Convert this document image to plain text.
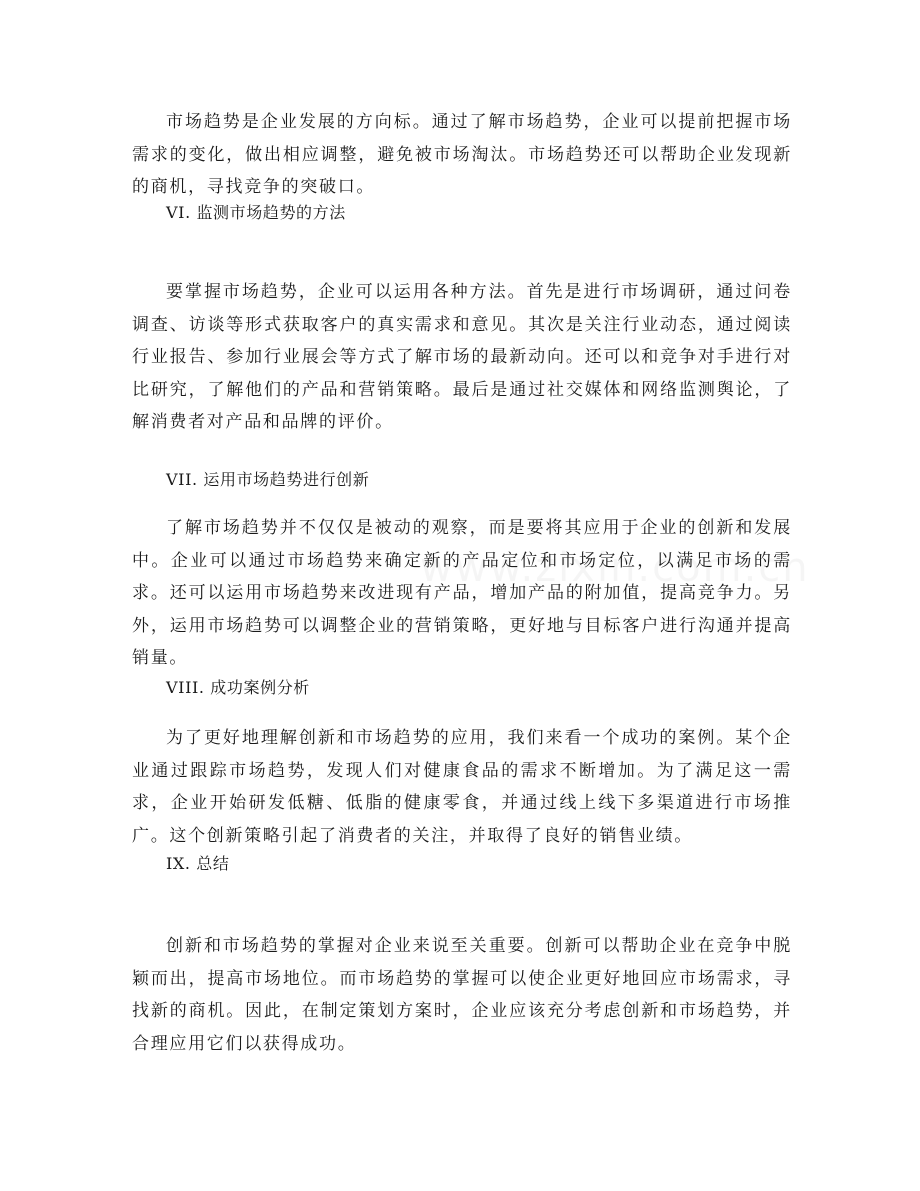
市场趋势是企业发展的方向标。通过了解市场趋势，企业可以提前把握市场需求的变化，做出相应调整，避免被市场淘汰。市场趋势还可以帮助企业发现新的商机，寻找竞争的突破口。

VI. 监测市场趋势的方法

要掌握市场趋势，企业可以运用各种方法。首先是进行市场调研，通过问卷调查、访谈等形式获取客户的真实需求和意见。其次是关注行业动态，通过阅读行业报告、参加行业展会等方式了解市场的最新动向。还可以和竞争对手进行对比研究，了解他们的产品和营销策略。最后是通过社交媒体和网络监测舆论，了解消费者对产品和品牌的评价。

VII. 运用市场趋势进行创新

了解市场趋势并不仅仅是被动的观察，而是要将其应用于企业的创新和发展中。企业可以通过市场趋势来确定新的产品定位和市场定位，以满足市场的需求。还可以运用市场趋势来改进现有产品，增加产品的附加值，提高竞争力。另外，运用市场趋势可以调整企业的营销策略，更好地与目标客户进行沟通并提高销量。

VIII. 成功案例分析

为了更好地理解创新和市场趋势的应用，我们来看一个成功的案例。某个企业通过跟踪市场趋势，发现人们对健康食品的需求不断增加。为了满足这一需求，企业开始研发低糖、低脂的健康零食，并通过线上线下多渠道进行市场推广。这个创新策略引起了消费者的关注，并取得了良好的销售业绩。

IX. 总结

创新和市场趋势的掌握对企业来说至关重要。创新可以帮助企业在竞争中脱颖而出，提高市场地位。而市场趋势的掌握可以使企业更好地回应市场需求，寻找新的商机。因此，在制定策划方案时，企业应该充分考虑创新和市场趋势，并合理应用它们以获得成功。
